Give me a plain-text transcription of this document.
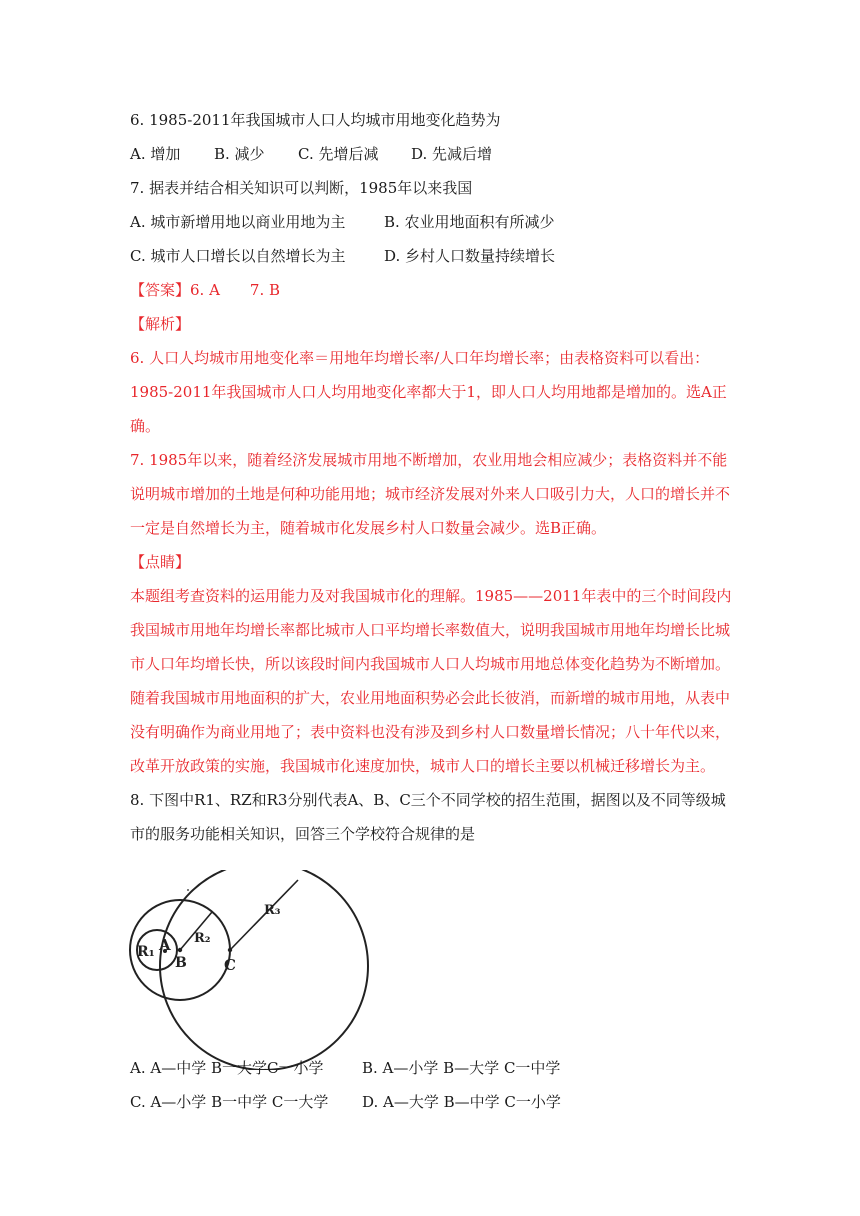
6. 1985-2011年我国城市人口人均城市用地变化趋势为
A. 增加 B. 减少 C. 先增后减 D. 先减后增
7. 据表并结合相关知识可以判断，1985年以来我国
A. 城市新增用地以商业用地为主	B. 农业用地面积有所减少
C. 城市人口增长以自然增长为主	D. 乡村人口数量持续增长
【答案】6. A　　7. B
【解析】
6. 人口人均城市用地变化率＝用地年均增长率/人口年均增长率；由表格资料可以看出：
1985-2011年我国城市人口人均用地变化率都大于1，即人口人均用地都是增加的。选A正
确。
7. 1985年以来，随着经济发展城市用地不断增加，农业用地会相应减少；表格资料并不能
说明城市增加的土地是何种功能用地；城市经济发展对外来人口吸引力大，人口的增长并不
一定是自然增长为主，随着城市化发展乡村人口数量会减少。选B正确。
【点睛】
本题组考查资料的运用能力及对我国城市化的理解。1985——2011年表中的三个时间段内
我国城市用地年均增长率都比城市人口平均增长率数值大，说明我国城市用地年均增长比城
市人口年均增长快，所以该段时间内我国城市人口人均城市用地总体变化趋势为不断增加。
随着我国城市用地面积的扩大，农业用地面积势必会此长彼消，而新增的城市用地，从表中
没有明确作为商业用地了；表中资料也没有涉及到乡村人口数量增长情况；八十年代以来，
改革开放政策的实施，我国城市化速度加快，城市人口的增长主要以机械迁移增长为主。
8. 下图中R1、RZ和R3分别代表A、B、C三个不同学校的招生范围，据图以及不同等级城
市的服务功能相关知识，回答三个学校符合规律的是
R₁ A
B
R₂
C
R₃
A. A—中学 B一大学C一小学	B. A—小学 B—大学 C一中学
C. A—小学 B一中学 C一大学 D. A—大学 B—中学 C一小学
